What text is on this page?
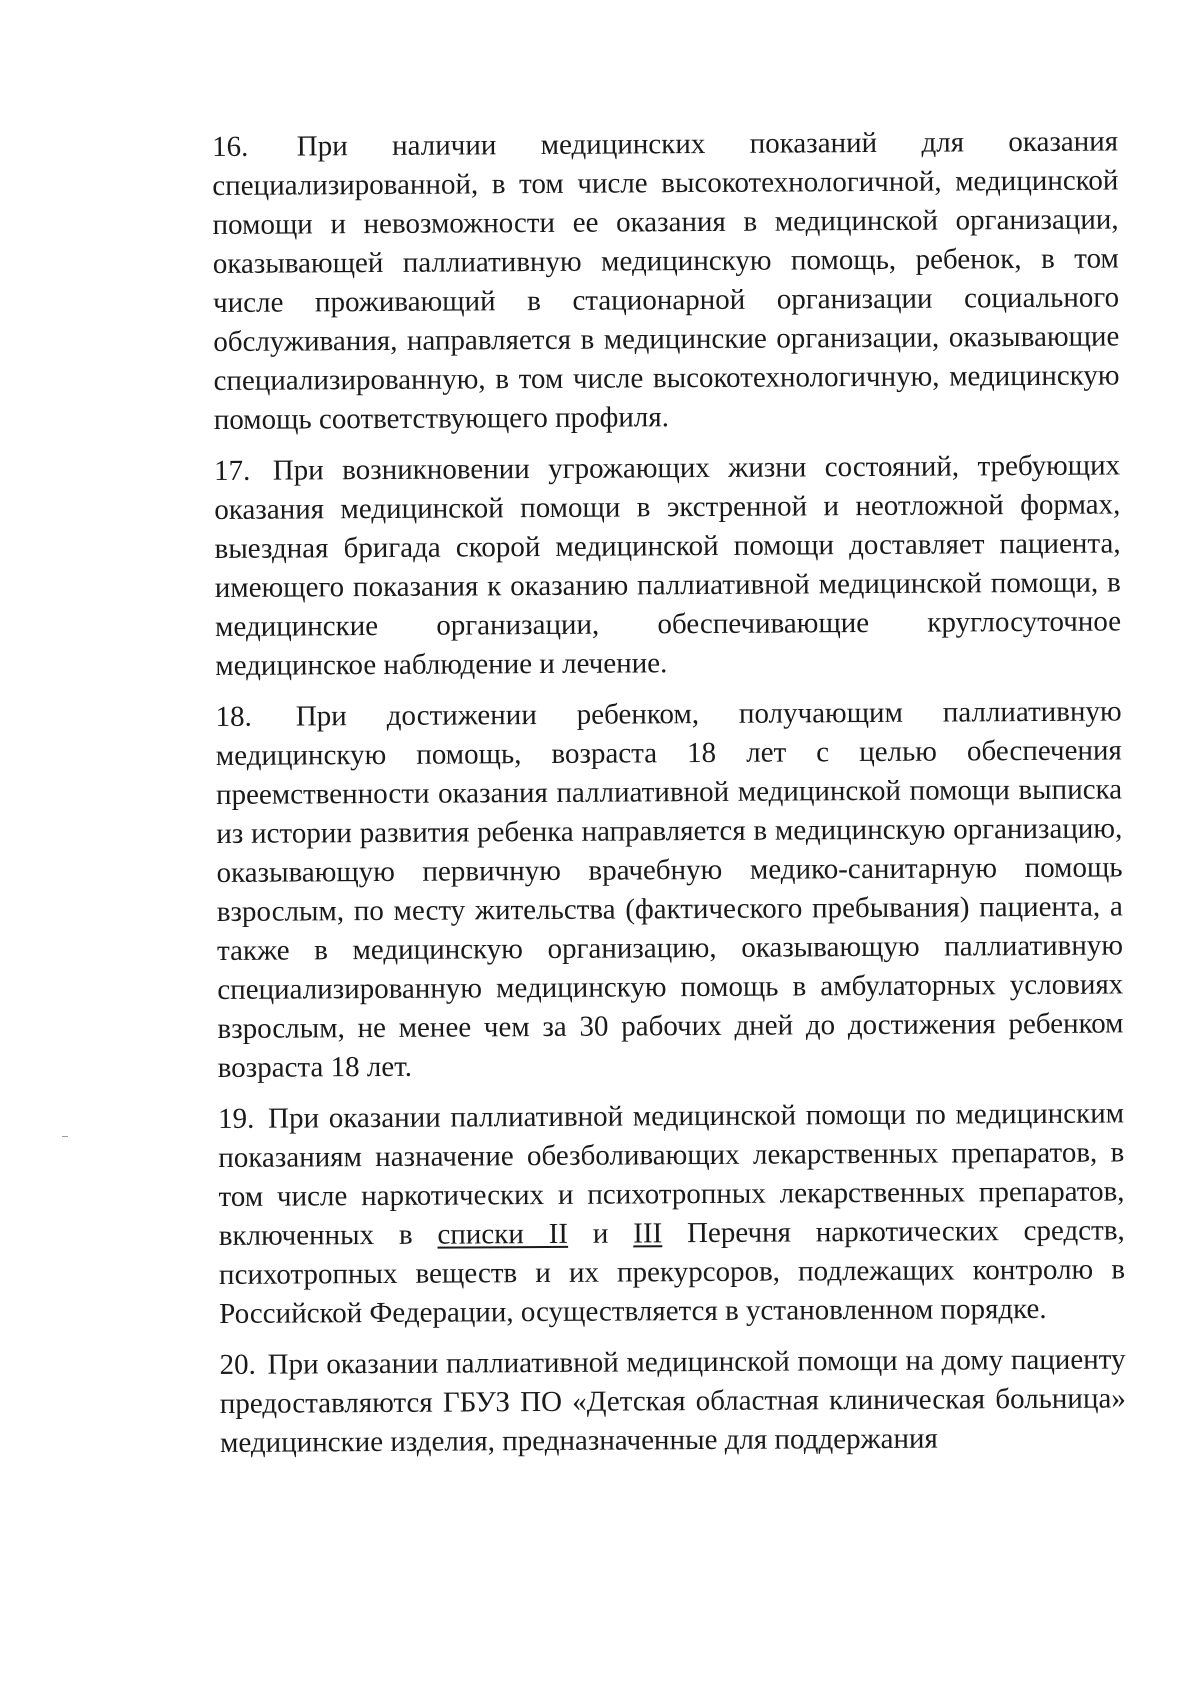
16. При наличии медицинских показаний для оказания специализированной, в том числе высокотехнологичной, медицинской помощи и невозможности ее оказания в медицинской организации, оказывающей паллиативную медицинскую помощь, ребенок, в том числе проживающий в стационарной организации социального обслуживания, направляется в медицинские организации, оказывающие специализированную, в том числе высокотехнологичную, медицинскую помощь соответствующего профиля.

17. При возникновении угрожающих жизни состояний, требующих оказания медицинской помощи в экстренной и неотложной формах, выездная бригада скорой медицинской помощи доставляет пациента, имеющего показания к оказанию паллиативной медицинской помощи, в медицинские организации, обеспечивающие круглосуточное медицинское наблюдение и лечение.

18. При достижении ребенком, получающим паллиативную медицинскую помощь, возраста 18 лет с целью обеспечения преемственности оказания паллиативной медицинской помощи выписка из истории развития ребенка направляется в медицинскую организацию, оказывающую первичную врачебную медико-санитарную помощь взрослым, по месту жительства (фактического пребывания) пациента, а также в медицинскую организацию, оказывающую паллиативную специализированную медицинскую помощь в амбулаторных условиях взрослым, не менее чем за 30 рабочих дней до достижения ребенком возраста 18 лет.

19. При оказании паллиативной медицинской помощи по медицинским показаниям назначение обезболивающих лекарственных препаратов, в том числе наркотических и психотропных лекарственных препаратов, включенных в списки II и III Перечня наркотических средств, психотропных веществ и их прекурсоров, подлежащих контролю в Российской Федерации, осуществляется в установленном порядке.

20. При оказании паллиативной медицинской помощи на дому пациенту предоставляются ГБУЗ ПО «Детская областная клиническая больница» медицинские изделия, предназначенные для поддержания
